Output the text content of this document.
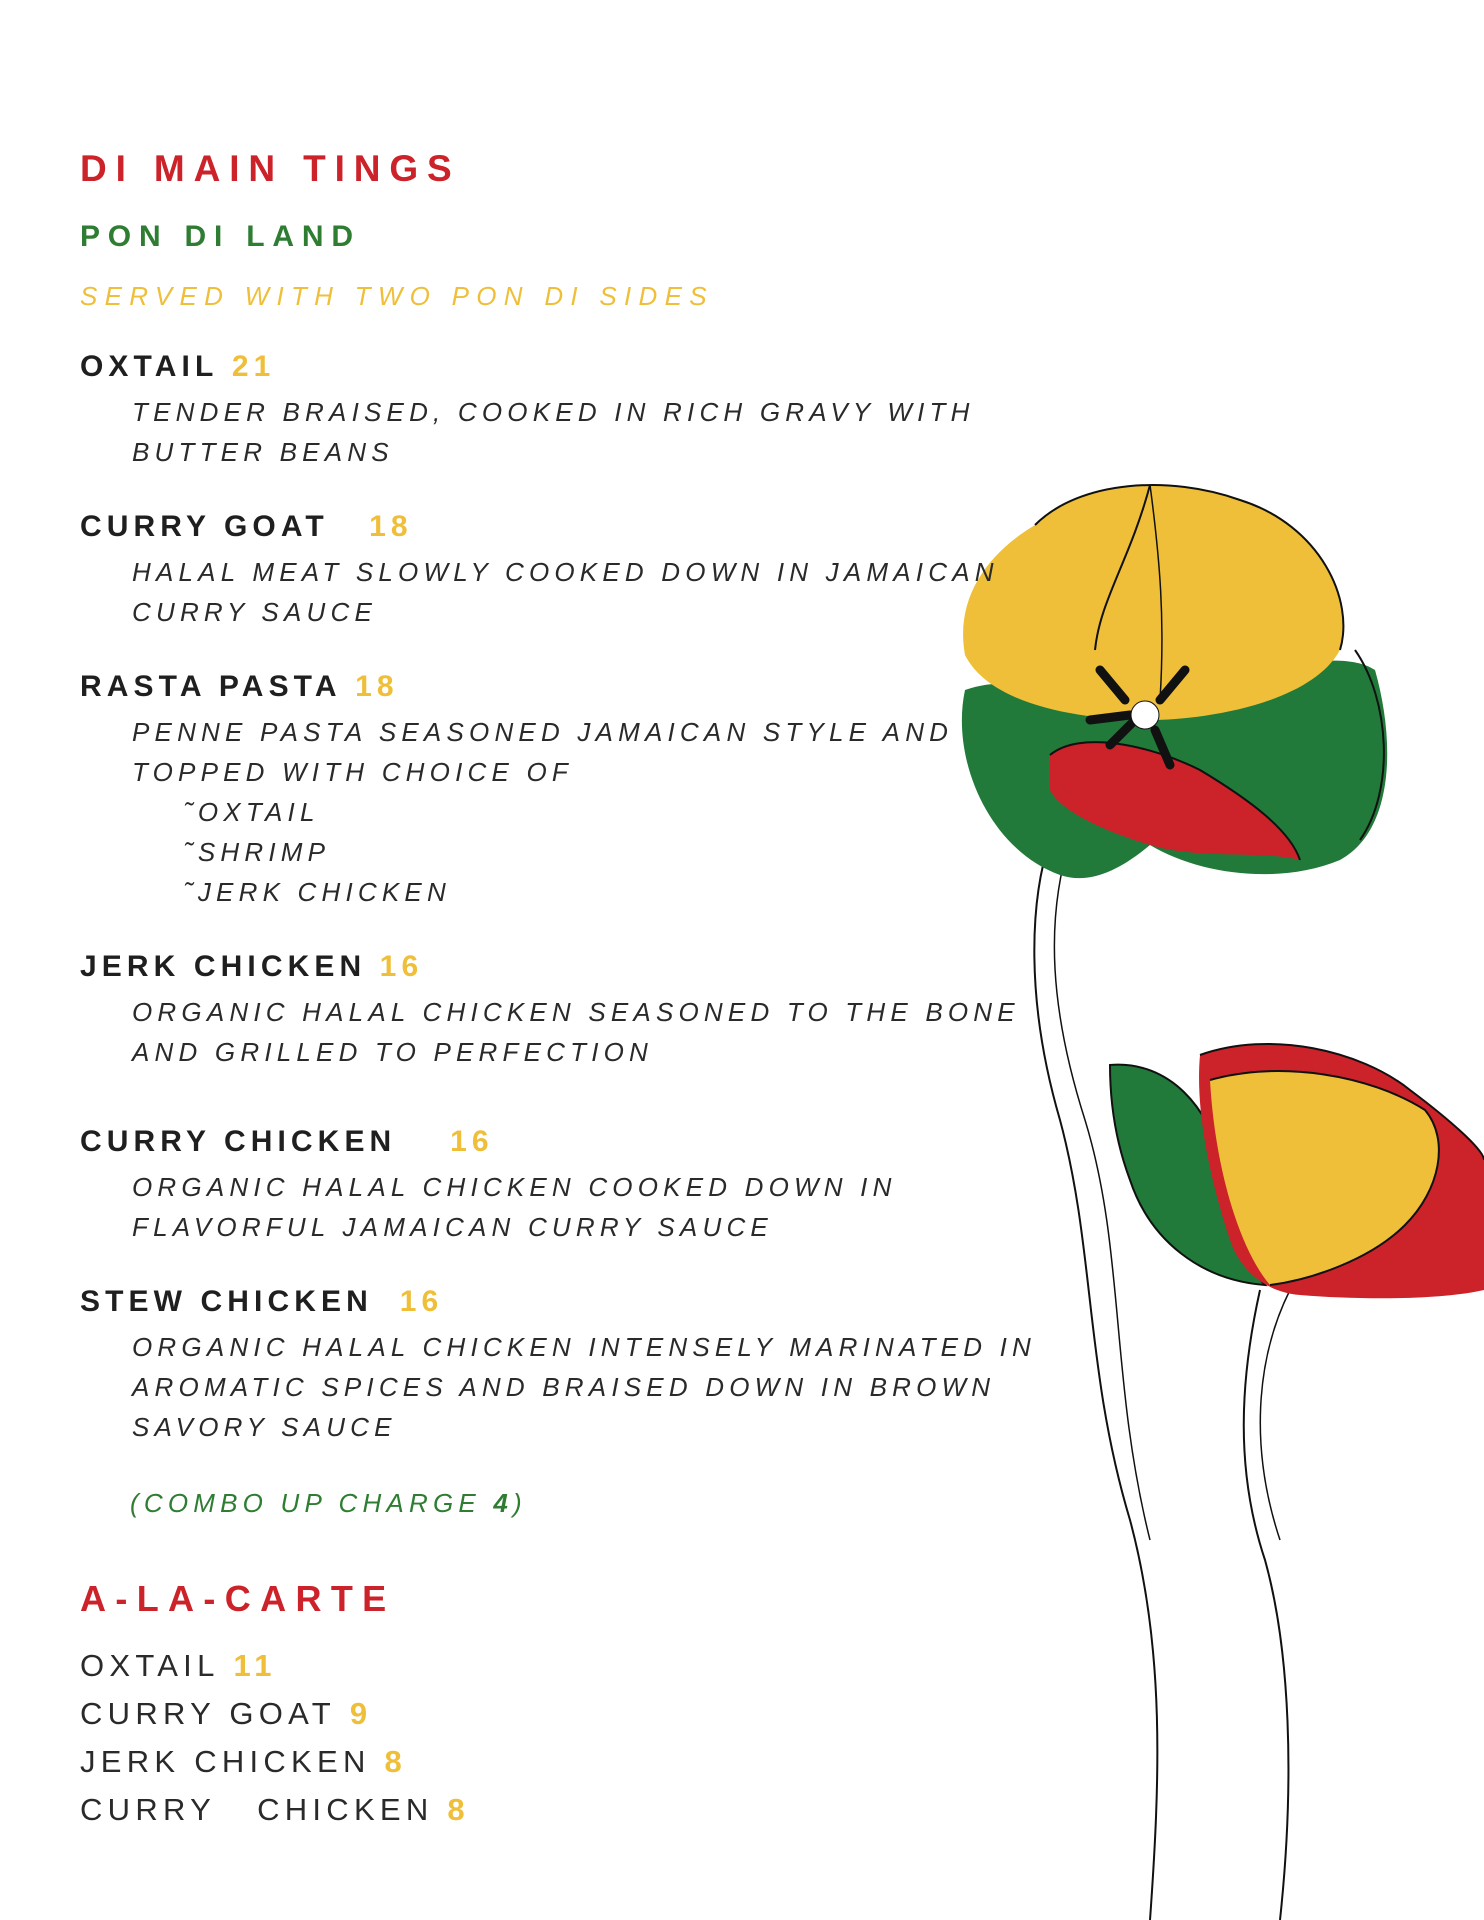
DI MAIN TINGS
PON DI LAND
SERVED WITH TWO PON DI SIDES
OXTAIL 21
TENDER BRAISED, COOKED IN RICH GRAVY WITH
BUTTER BEANS
CURRY GOAT 18
HALAL MEAT SLOWLY COOKED DOWN IN JAMAICAN
CURRY SAUCE
RASTA PASTA 18
PENNE PASTA SEASONED JAMAICAN STYLE AND
TOPPED WITH CHOICE OF
˜OXTAIL
˜SHRIMP
˜JERK CHICKEN
JERK CHICKEN 16
ORGANIC HALAL CHICKEN SEASONED TO THE BONE
AND GRILLED TO PERFECTION
CURRY CHICKEN 16
ORGANIC HALAL CHICKEN COOKED DOWN IN
FLAVORFUL JAMAICAN CURRY SAUCE
STEW CHICKEN 16
ORGANIC HALAL CHICKEN INTENSELY MARINATED IN
AROMATIC SPICES AND BRAISED DOWN IN BROWN
SAVORY SAUCE
(COMBO UP CHARGE 4)
A-LA-CARTE
OXTAIL 11
CURRY GOAT 9
JERK CHICKEN 8
CURRY   CHICKEN 8
